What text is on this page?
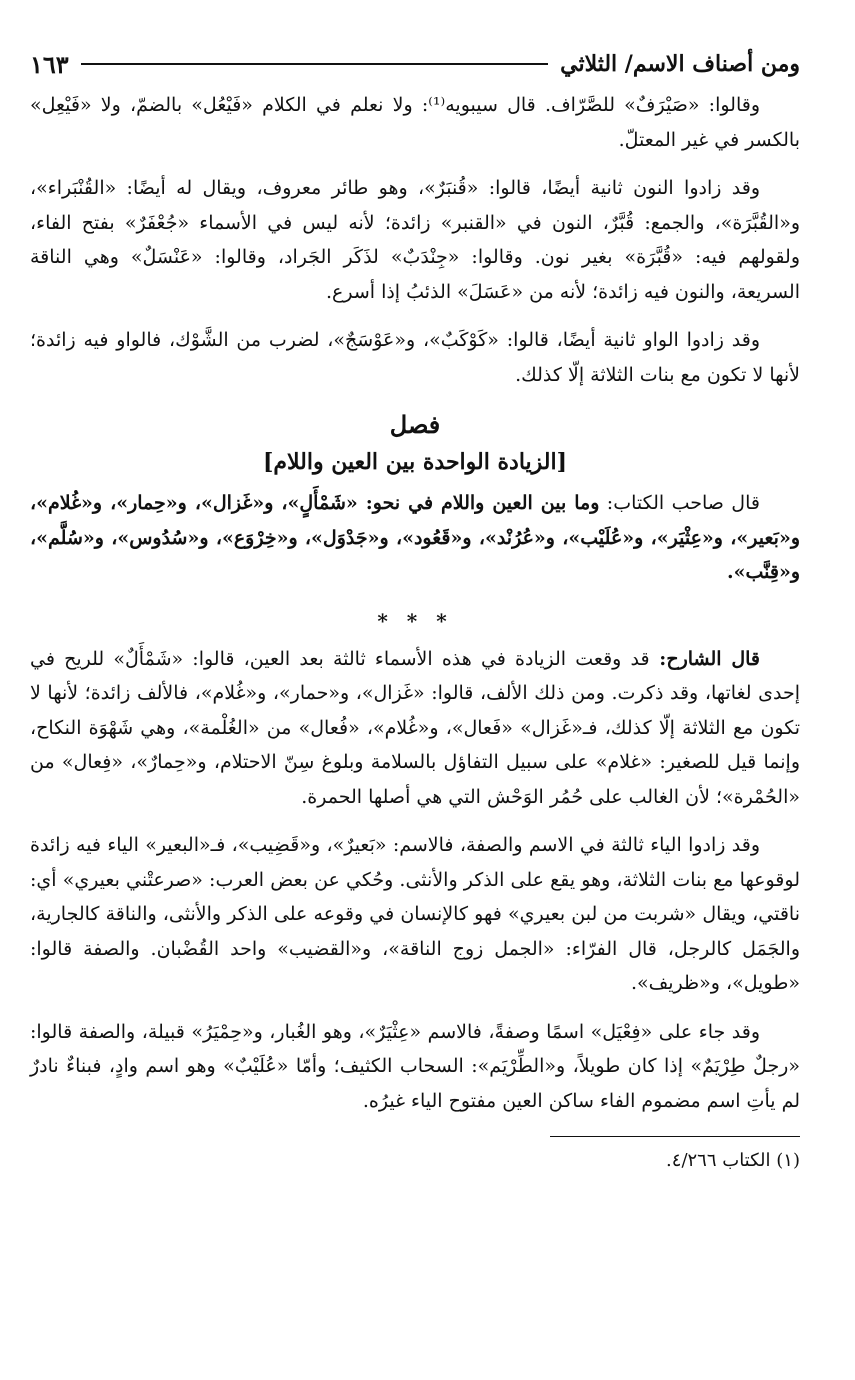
ومن أصناف الاسم/ الثلاثي
١٦٣

وقالوا: «صَيْرَفٌ» للصَّرّاف. قال سيبويه⁽¹⁾: ولا نعلم في الكلام «فَيْعُل» بالضمّ، ولا «فَيْعِل» بالكسر في غير المعتلّ.

وقد زادوا النون ثانية أيضًا، قالوا: «قُنبَرٌ»، وهو طائر معروف، ويقال له أيضًا: «القُنْبَراء»، و«القُبَّرَة»، والجمع: قُبَّرٌ، النون في «القنبر» زائدة؛ لأنه ليس في الأسماء «جُعْفَرٌ» بفتح الفاء، ولقولهم فيه: «قُبَّرَة» بغير نون. وقالوا: «جِنْدَبٌ» لذَكَر الجَراد، وقالوا: «عَنْسَلٌ» وهي الناقة السريعة، والنون فيه زائدة؛ لأنه من «عَسَلَ» الذئبُ إذا أسرع.

وقد زادوا الواو ثانية أيضًا، قالوا: «كَوْكَبٌ»، و«عَوْسَجٌ»، لضرب من الشَّوْك، فالواو فيه زائدة؛ لأنها لا تكون مع بنات الثلاثة إلّا كذلك.

فصل
[الزيادة الواحدة بين العين واللام]

قال صاحب الكتاب: وما بين العين واللام في نحو: «شَمْأَلٍ»، و«غَزال»، و«حِمار»، و«غُلام»، و«بَعير»، و«عِثْيَر»، و«عُلَيْب»، و«عُرُنْد»، و«قَعُود»، و«جَدْوَل»، و«خِرْوَع»، و«سُدُوس»، و«سُلَّم»، و«قِنَّب».

* * *

قال الشارح: قد وقعت الزيادة في هذه الأسماء ثالثة بعد العين، قالوا: «شَمْأَلٌ» للريح في إحدى لغاتها، وقد ذكرت. ومن ذلك الألف، قالوا: «غَزال»، و«حمار»، و«غُلام»، فالألف زائدة؛ لأنها لا تكون مع الثلاثة إلّا كذلك، فـ«غَزال» «فَعال»، و«غُلام»، «فُعال» من «الغُلْمة»، وهي شَهْوَة النكاح، وإنما قيل للصغير: «غلام» على سبيل التفاؤل بالسلامة وبلوغ سِنّ الاحتلام، و«حِمارٌ»، «فِعال» من «الحُمْرة»؛ لأن الغالب على حُمُر الوَحْش التي هي أصلها الحمرة.

وقد زادوا الياء ثالثة في الاسم والصفة، فالاسم: «بَعيرٌ»، و«قَضِيب»، فـ«البعير» الياء فيه زائدة لوقوعها مع بنات الثلاثة، وهو يقع على الذكر والأنثى. وحُكي عن بعض العرب: «صرعتْني بعيري» أي: ناقتي، ويقال «شربت من لبن بعيري» فهو كالإنسان في وقوعه على الذكر والأنثى، والناقة كالجارية، والجَمَل كالرجل، قال الفرّاء: «الجمل زوج الناقة»، و«القضيب» واحد القُضْبان. والصفة قالوا: «طويل»، و«ظريف».

وقد جاء على «فِعْيَل» اسمًا وصفةً، فالاسم «عِثْيَرٌ»، وهو الغُبار، و«حِمْيَرُ» قبيلة، والصفة قالوا: «رجلٌ طِرْيَمٌ» إذا كان طويلاً، و«الطِّرْيَم»: السحاب الكثيف؛ وأمّا «عُلَيْبٌ» وهو اسم وادٍ، فبناءٌ نادرٌ لم يأتِ اسم مضموم الفاء ساكن العين مفتوح الياء غيرُه.

(١) الكتاب ٤/٢٦٦.
